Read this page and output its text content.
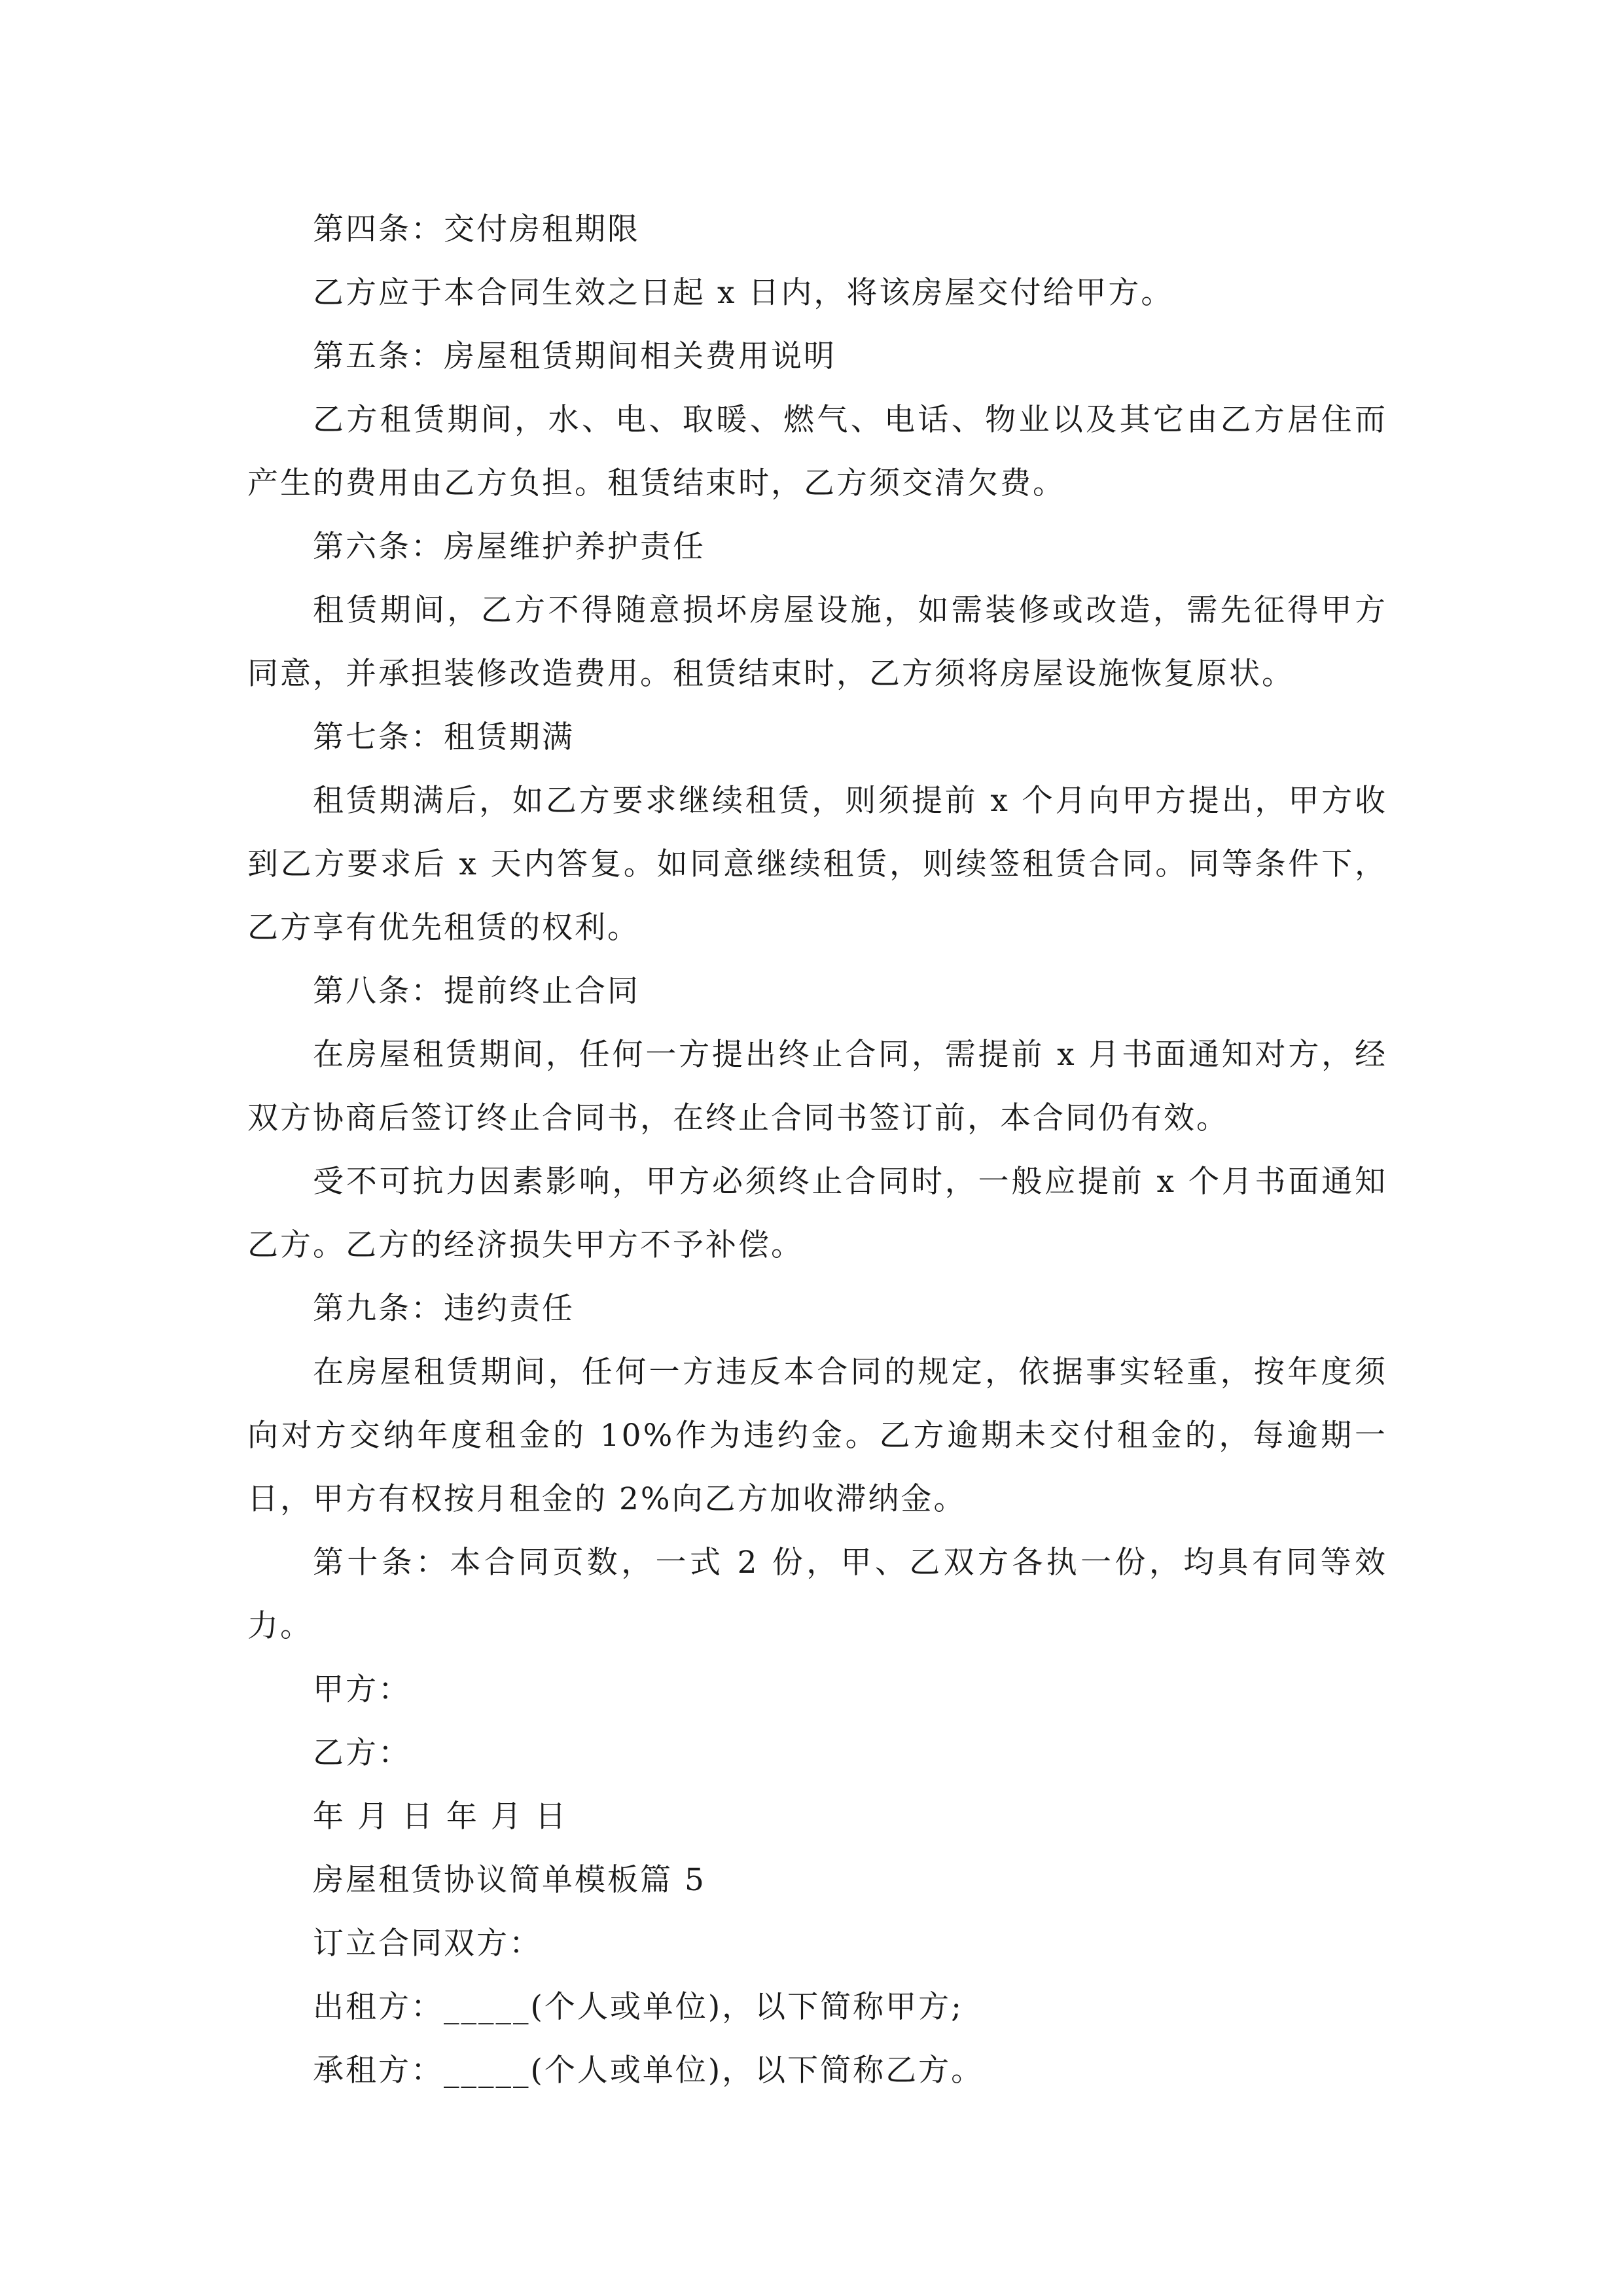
第四条：交付房租期限

乙方应于本合同生效之日起 x 日内，将该房屋交付给甲方。

第五条：房屋租赁期间相关费用说明

乙方租赁期间，水、电、取暖、燃气、电话、物业以及其它由乙方居住而产生的费用由乙方负担。租赁结束时，乙方须交清欠费。

第六条：房屋维护养护责任

租赁期间，乙方不得随意损坏房屋设施，如需装修或改造，需先征得甲方同意，并承担装修改造费用。租赁结束时，乙方须将房屋设施恢复原状。

第七条：租赁期满

租赁期满后，如乙方要求继续租赁，则须提前 x 个月向甲方提出，甲方收到乙方要求后 x 天内答复。如同意继续租赁，则续签租赁合同。同等条件下，乙方享有优先租赁的权利。

第八条：提前终止合同

在房屋租赁期间，任何一方提出终止合同，需提前 x 月书面通知对方，经双方协商后签订终止合同书，在终止合同书签订前，本合同仍有效。

受不可抗力因素影响，甲方必须终止合同时，一般应提前 x 个月书面通知乙方。乙方的经济损失甲方不予补偿。

第九条：违约责任

在房屋租赁期间，任何一方违反本合同的规定，依据事实轻重，按年度须向对方交纳年度租金的 10%作为违约金。乙方逾期未交付租金的，每逾期一日，甲方有权按月租金的 2%向乙方加收滞纳金。

第十条：本合同页数，一式 2 份，甲、乙双方各执一份，均具有同等效力。

甲方：

乙方：

年 月 日 年 月 日

房屋租赁协议简单模板篇 5

订立合同双方：

出租方：_____(个人或单位)，以下简称甲方;

承租方：_____(个人或单位)，以下简称乙方。
